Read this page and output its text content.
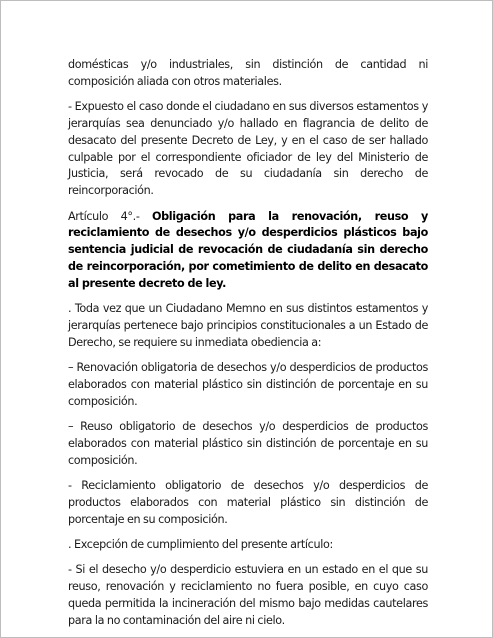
domésticas y/o industriales, sin distinción de cantidad ni composición aliada con otros materiales.

- Expuesto el caso donde el ciudadano en sus diversos estamentos y jerarquías sea denunciado y/o hallado en flagrancia de delito de desacato del presente Decreto de Ley, y en el caso de ser hallado culpable por el correspondiente oficiador de ley del Ministerio de Justicia, será revocado de su ciudadanía sin derecho de reincorporación.

Artículo 4°.- Obligación para la renovación, reuso y reciclamiento de desechos y/o desperdicios plásticos bajo sentencia judicial de revocación de ciudadanía sin derecho de reincorporación, por cometimiento de delito en desacato al presente decreto de ley.

. Toda vez que un Ciudadano Memno en sus distintos estamentos y jerarquías pertenece bajo principios constitucionales a un Estado de Derecho, se requiere su inmediata obediencia a:

– Renovación obligatoria de desechos y/o desperdicios de productos elaborados con material plástico sin distinción de porcentaje en su composición.

– Reuso obligatorio de desechos y/o desperdicios de productos elaborados con material plástico sin distinción de porcentaje en su composición.

- Reciclamiento obligatorio de desechos y/o desperdicios de productos elaborados con material plástico sin distinción de porcentaje en su composición.

. Excepción de cumplimiento del presente artículo:

- Si el desecho y/o desperdicio estuviera en un estado en el que su reuso, renovación y reciclamiento no fuera posible, en cuyo caso queda permitida la incineración del mismo bajo medidas cautelares para la no contaminación del aire ni cielo.
